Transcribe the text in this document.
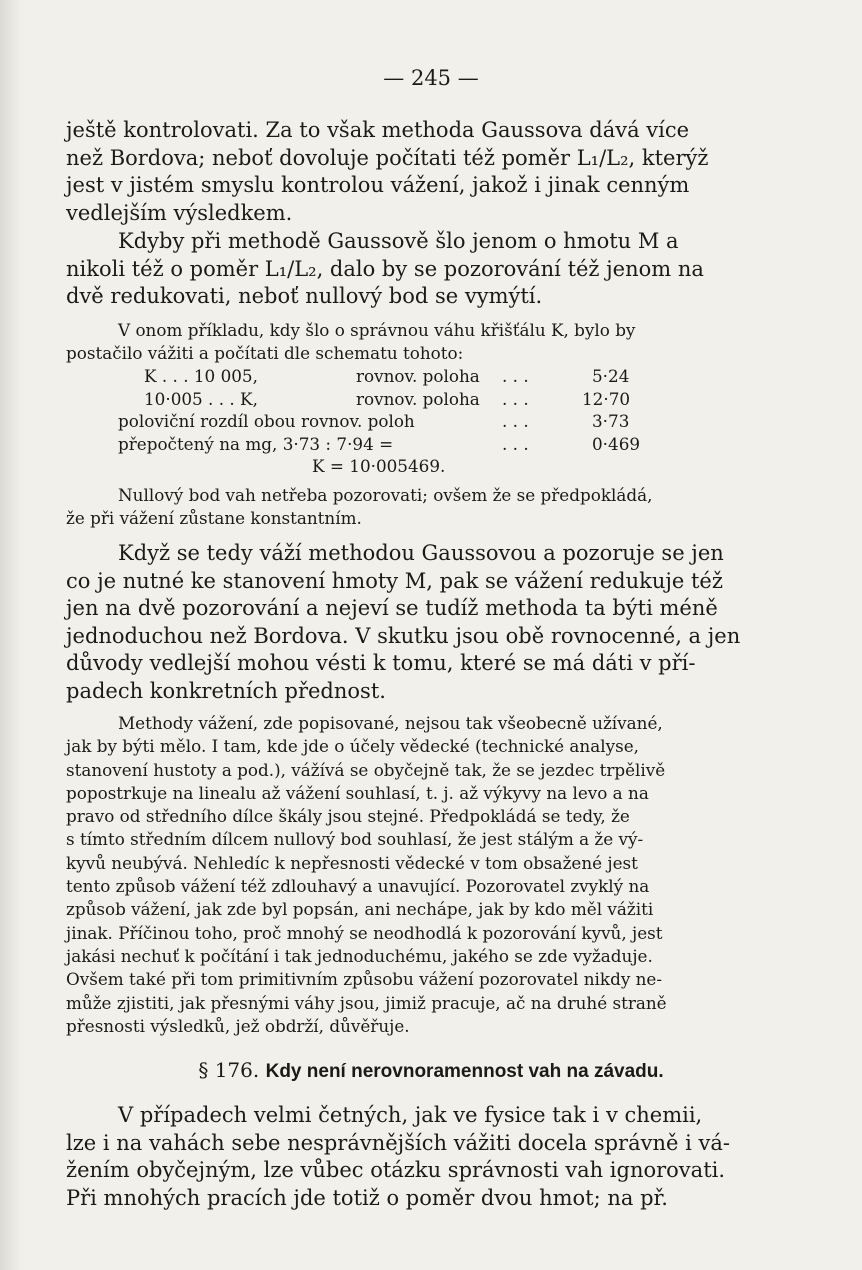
— 245 —
ještě kontrolovati. Za to však methoda Gaussova dává více
než Bordova; neboť dovoluje počítati též poměr L₁/L₂, kterýž
jest v jistém smyslu kontrolou vážení, jakož i jinak cenným
vedlejším výsledkem.
Kdyby při methodě Gaussově šlo jenom o hmotu M a
nikoli též o poměr L₁/L₂, dalo by se pozorování též jenom na
dvě redukovati, neboť nullový bod se vymýtí.
V onom příkladu, kdy šlo o správnou váhu křišťálu K, bylo by
postačilo vážiti a počítati dle schematu tohoto:
K . . . 10 005,	rovnov. poloha . . .	5·24
10·005 . . . K,	rovnov. poloha . . .	12·70
poloviční rozdíl obou rovnov. poloh	. . .	3·73
přepočtený na mg, 3·73 : 7·94 =	. . .	0·469
K = 10·005469.
Nullový bod vah netřeba pozorovati; ovšem že se předpokládá,
že při vážení zůstane konstantním.
Když se tedy váží methodou Gaussovou a pozoruje se jen
co je nutné ke stanovení hmoty M, pak se vážení redukuje též
jen na dvě pozorování a nejeví se tudíž methoda ta býti méně
jednoduchou než Bordova. V skutku jsou obě rovnocenné, a jen
důvody vedlejší mohou vésti k tomu, které se má dáti v pří-
padech konkretních přednost.
Methody vážení, zde popisované, nejsou tak všeobecně užívané,
jak by býti mělo. I tam, kde jde o účely vědecké (technické analyse,
stanovení hustoty a pod.), vážívá se obyčejně tak, že se jezdec trpělivě
popostrkuje na linealu až vážení souhlasí, t. j. až výkyvy na levo a na
pravo od středního dílce škály jsou stejné. Předpokládá se tedy, že
s tímto středním dílcem nullový bod souhlasí, že jest stálým a že vý-
kyvů neubývá. Nehledíc k nepřesnosti vědecké v tom obsažené jest
tento způsob vážení též zdlouhavý a unavující. Pozorovatel zvyklý na
způsob vážení, jak zde byl popsán, ani nechápe, jak by kdo měl vážiti
jinak. Příčinou toho, proč mnohý se neodhodlá k pozorování kyvů, jest
jakási nechuť k počítání i tak jednoduchému, jakého se zde vyžaduje.
Ovšem také při tom primitivním způsobu vážení pozorovatel nikdy ne-
může zjistiti, jak přesnými váhy jsou, jimiž pracuje, ač na druhé straně
přesnosti výsledků, jež obdrží, důvěřuje.
§ 176. Kdy není nerovnoramennost vah na závadu.
V případech velmi četných, jak ve fysice tak i v chemii,
lze i na vahách sebe nesprávnějších vážiti docela správně i vá-
žením obyčejným, lze vůbec otázku správnosti vah ignorovati.
Při mnohých pracích jde totiž o poměr dvou hmot; na př.
